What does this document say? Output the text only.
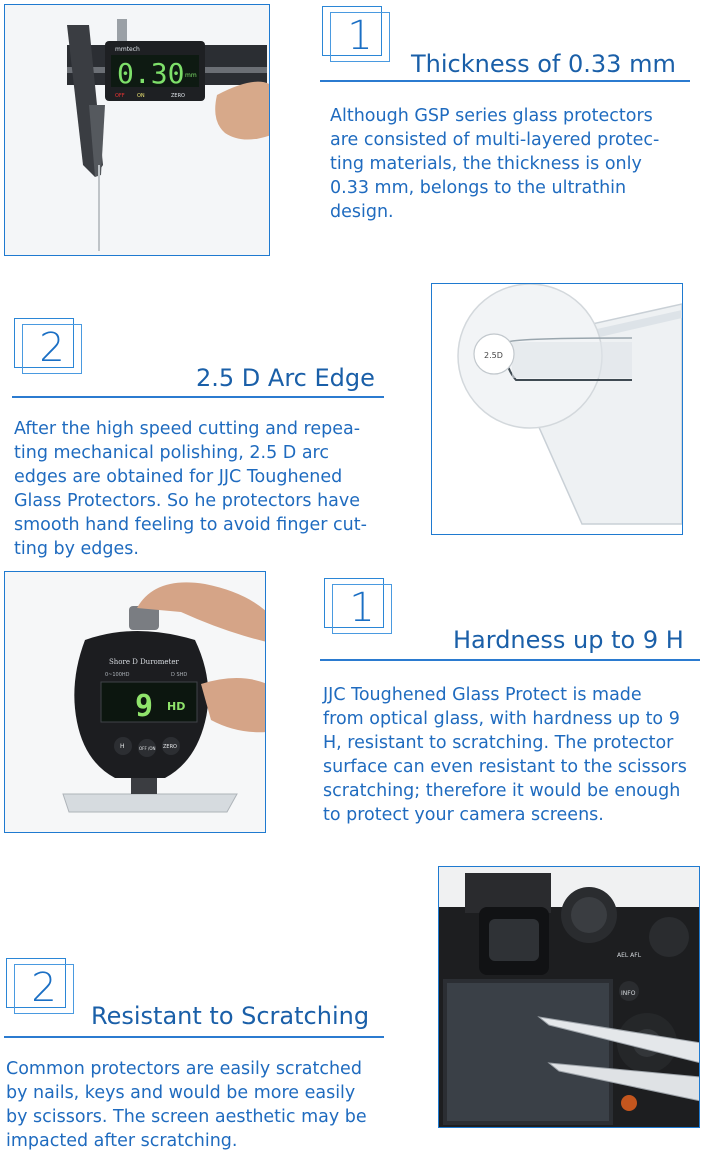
mmtech
0.30 mm
OFF ON	ZERO
1
Thickness of 0.33 mm
Although GSP series glass protectors
are consisted of multi-layered protec-
ting materials, the thickness is only
0.33 mm, belongs to the ultrathin
design.
2
2.5 D Arc Edge
After the high speed cutting and repea-
ting mechanical polishing, 2.5 D arc
edges are obtained for JJC Toughened
Glass Protectors. So he protectors have
smooth hand feeling to avoid finger cut-
ting by edges.
2.5D
Shore D Durometer
0~100HD	D SHD
9 HD
H	OFF /ON ZERO
1
Hardness up to 9 H
JJC Toughened Glass Protect is made
from optical glass, with hardness up to 9
H, resistant to scratching. The protector
surface can even resistant to the scissors
scratching; therefore it would be enough
to protect your camera screens.
INFO
AEL AFL
2
Resistant to Scratching
Common protectors are easily scratched
by nails, keys and would be more easily
by scissors. The screen aesthetic may be
impacted after scratching.
